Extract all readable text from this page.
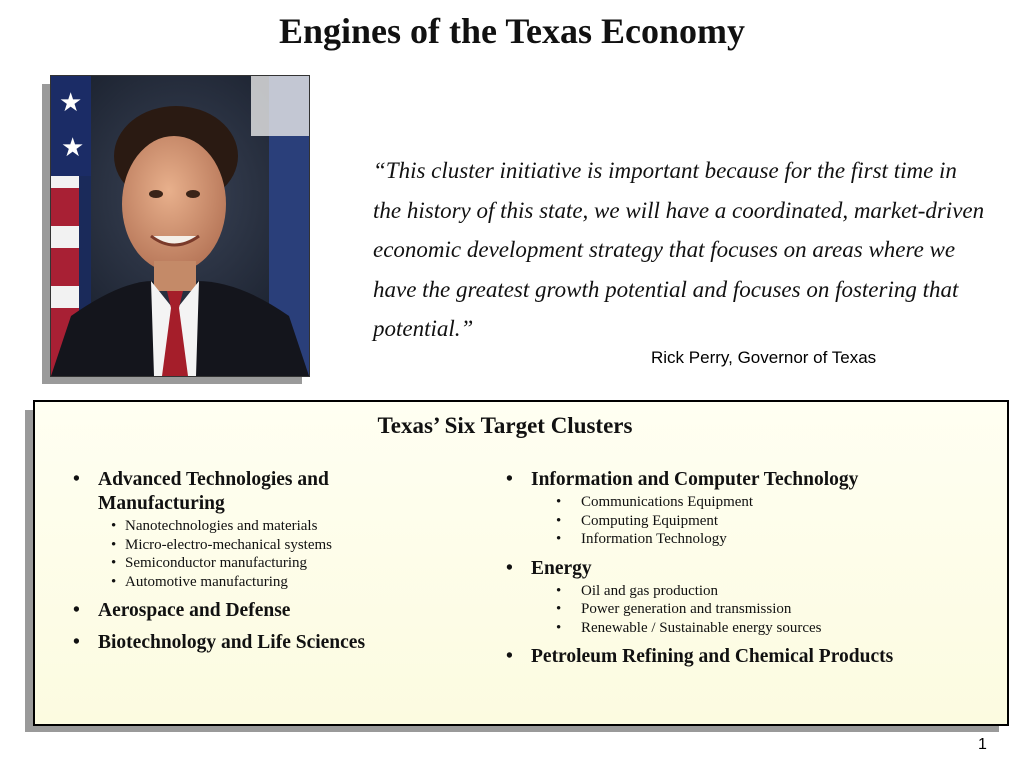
Engines of the Texas Economy
★
★

“This cluster initiative is important because for the first time in the history of this state, we will have a coordinated, market-driven economic development strategy that focuses on areas where we have the greatest growth potential and focuses on fostering that potential.”

Rick Perry, Governor of Texas
Texas’ Six Target Clusters
• Advanced Technologies and Manufacturing
• Nanotechnologies and materials
• Micro-electro-mechanical systems
• Semiconductor manufacturing
• Automotive manufacturing
• Aerospace and Defense
• Biotechnology and Life Sciences
• Information and Computer Technology
• Communications Equipment
• Computing Equipment
• Information Technology
• Energy
• Oil and gas production
• Power generation and transmission
• Renewable / Sustainable energy sources
• Petroleum Refining and Chemical Products
1
